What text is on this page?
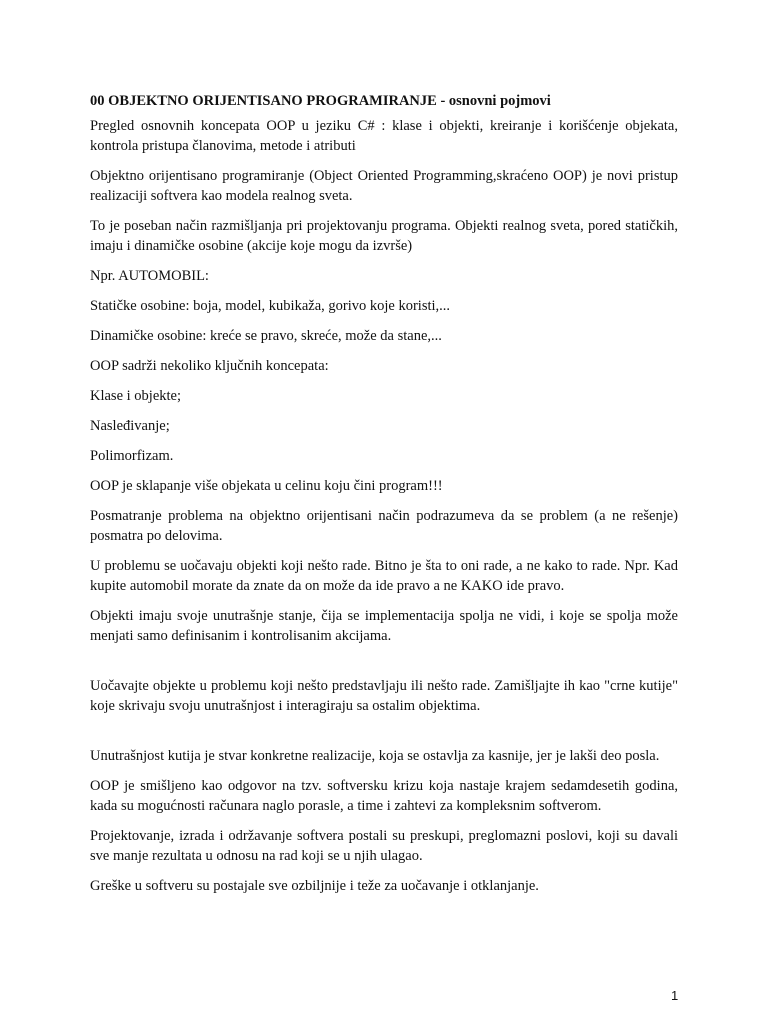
00 OBJEKTNO ORIJENTISANO PROGRAMIRANJE - osnovni pojmovi
Pregled osnovnih koncepata OOP u jeziku C# : klase i objekti, kreiranje i korišćenje objekata, kontrola pristupa članovima, metode i atributi
Objektno orijentisano programiranje (Object Oriented Programming,skraćeno OOP) je novi pristup realizaciji softvera kao modela realnog sveta.
To je poseban način razmišljanja pri projektovanju programa. Objekti realnog sveta, pored statičkih, imaju i dinamičke osobine (akcije koje mogu da izvrše)
Npr. AUTOMOBIL:
Statičke osobine: boja, model, kubikaža, gorivo koje koristi,...
Dinamičke osobine: kreće se pravo, skreće, može da stane,...
OOP sadrži nekoliko ključnih koncepata:
Klase i objekte;
Nasleđivanje;
Polimorfizam.
OOP je sklapanje više objekata u celinu koju čini program!!!
Posmatranje problema na objektno orijentisani način podrazumeva da se problem (a ne rešenje) posmatra po delovima.
U problemu se uočavaju objekti koji nešto rade. Bitno je šta to oni rade, a ne kako to rade. Npr. Kad kupite automobil morate da znate da on može da ide pravo a ne KAKO ide pravo.
Objekti imaju svoje unutrašnje stanje, čija se implementacija spolja ne vidi, i koje se spolja može menjati samo definisanim i kontrolisanim akcijama.
Uočavajte objekte u problemu koji nešto predstavljaju ili nešto rade. Zamišljajte ih kao "crne kutije" koje skrivaju svoju unutrašnjost i interagiraju sa ostalim objektima.
Unutrašnjost kutija je stvar konkretne realizacije, koja se ostavlja za kasnije, jer je lakši deo posla.
OOP je smišljeno kao odgovor na tzv. softversku krizu koja nastaje krajem sedamdesetih godina, kada su mogućnosti računara naglo porasle, a time i zahtevi za kompleksnim softverom.
Projektovanje, izrada i održavanje softvera postali su preskupi, preglomazni poslovi, koji su davali sve manje rezultata u odnosu na rad koji se u njih ulagao.
Greške u softveru su postajale sve ozbiljnije i teže za uočavanje i otklanjanje.
1
